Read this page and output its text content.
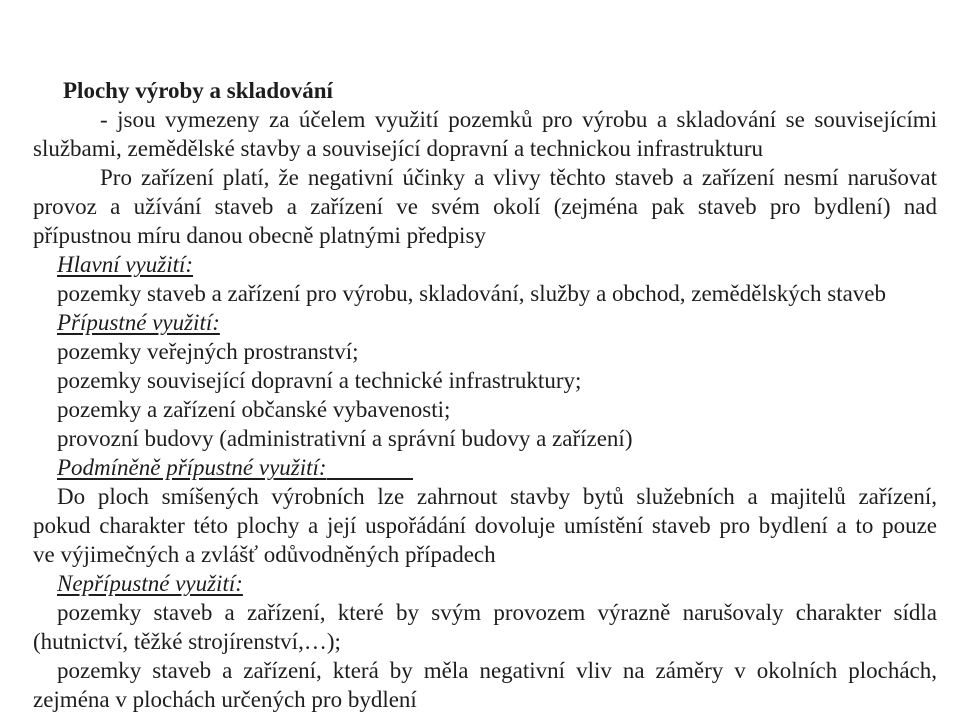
Plochy výroby a skladování
- jsou vymezeny za účelem využití pozemků pro výrobu a skladování se souvisejícími
službami, zemědělské stavby a související dopravní a technickou infrastrukturu
Pro zařízení platí, že negativní účinky a vlivy těchto staveb a zařízení nesmí narušovat
provoz a užívání staveb a zařízení ve svém okolí (zejména pak staveb pro bydlení) nad
přípustnou míru danou obecně platnými předpisy
Hlavní využití:
pozemky staveb a zařízení pro výrobu, skladování, služby a obchod, zemědělských staveb
Přípustné využití:
pozemky veřejných prostranství;
pozemky související dopravní a technické infrastruktury;
pozemky a zařízení občanské vybavenosti;
provozní budovy (administrativní a správní budovy a zařízení)
Podmíněně přípustné využití:
Do ploch smíšených výrobních lze zahrnout stavby bytů služebních a majitelů zařízení,
pokud charakter této plochy a její uspořádání dovoluje umístění staveb pro bydlení a to pouze
ve výjimečných a zvlášť odůvodněných případech
Nepřípustné využití:
pozemky staveb a zařízení, které by svým provozem výrazně narušovaly charakter sídla
(hutnictví, těžké strojírenství,…);
pozemky staveb a zařízení, která by měla negativní vliv na záměry v okolních plochách,
zejména v plochách určených pro bydlení
